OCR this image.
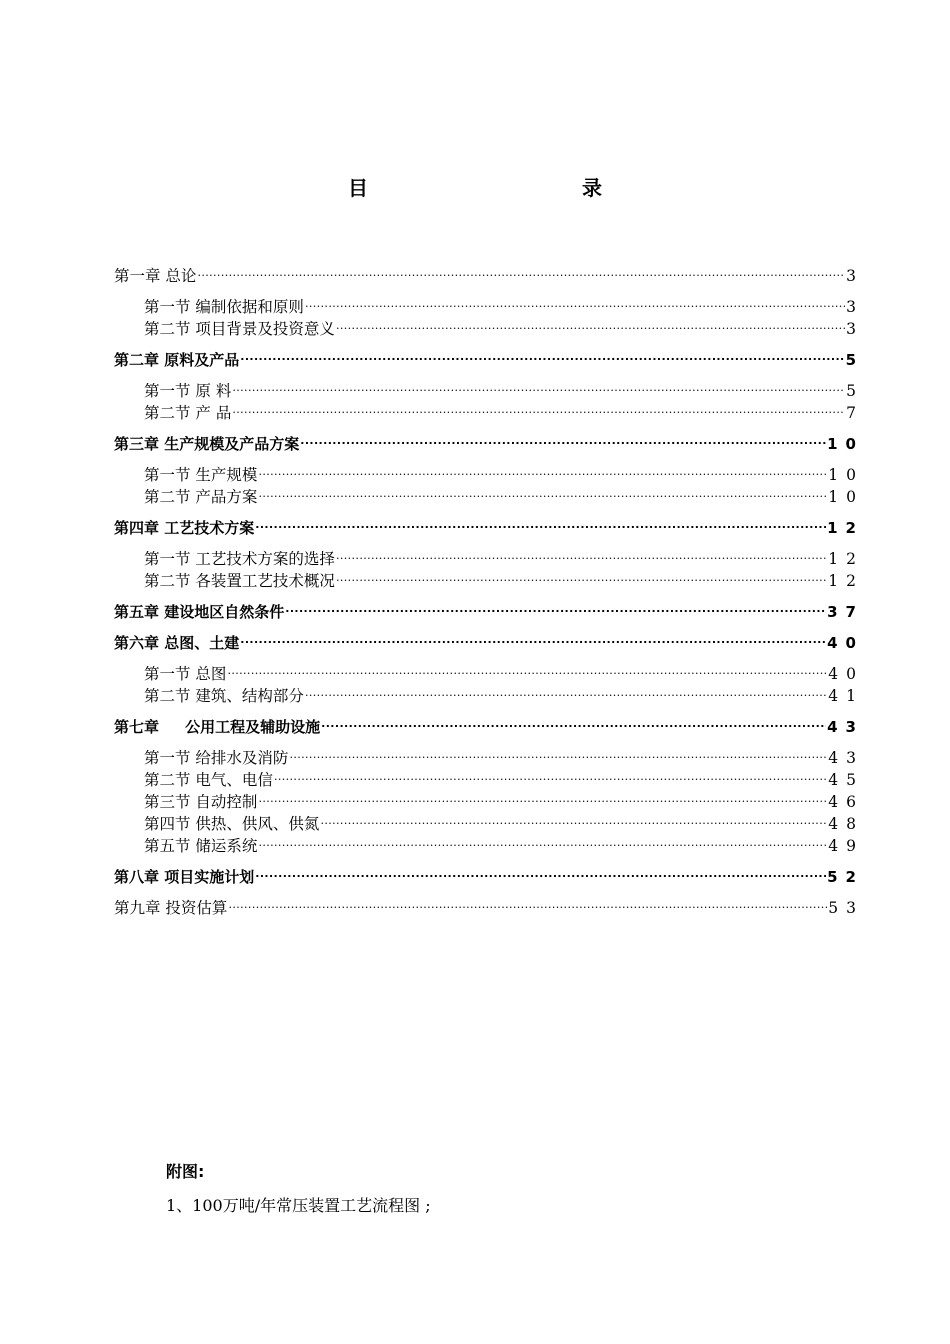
目　　录
第一章 总论 .....	3
第一节 编制依据和原则 .....	3
第二节 项目背景及投资意义 .....	3
第二章 原料及产品 .....	5
第一节 原 料 .....	5
第二节 产 品 .....	7
第三章 生产规模及产品方案 .....	10
第一节 生产规模 .....	10
第二节 产品方案 .....	10
第四章 工艺技术方案 .....	12
第一节 工艺技术方案的选择 .....	12
第二节 各装置工艺技术概况 .....	12
第五章 建设地区自然条件 .....	37
第六章 总图、土建 .....	40
第一节 总图 .....	40
第二节 建筑、结构部分 .....	41
第七章     公用工程及辅助设施 .....	43
第一节 给排水及消防 .....	43
第二节 电气、电信 .....	45
第三节 自动控制 .....	46
第四节 供热、供风、供氮 .....	48
第五节 储运系统 .....	49
第八章 项目实施计划 .....	52
第九章 投资估算 .....	53
附图:
1、100万吨/年常压装置工艺流程图 ;
